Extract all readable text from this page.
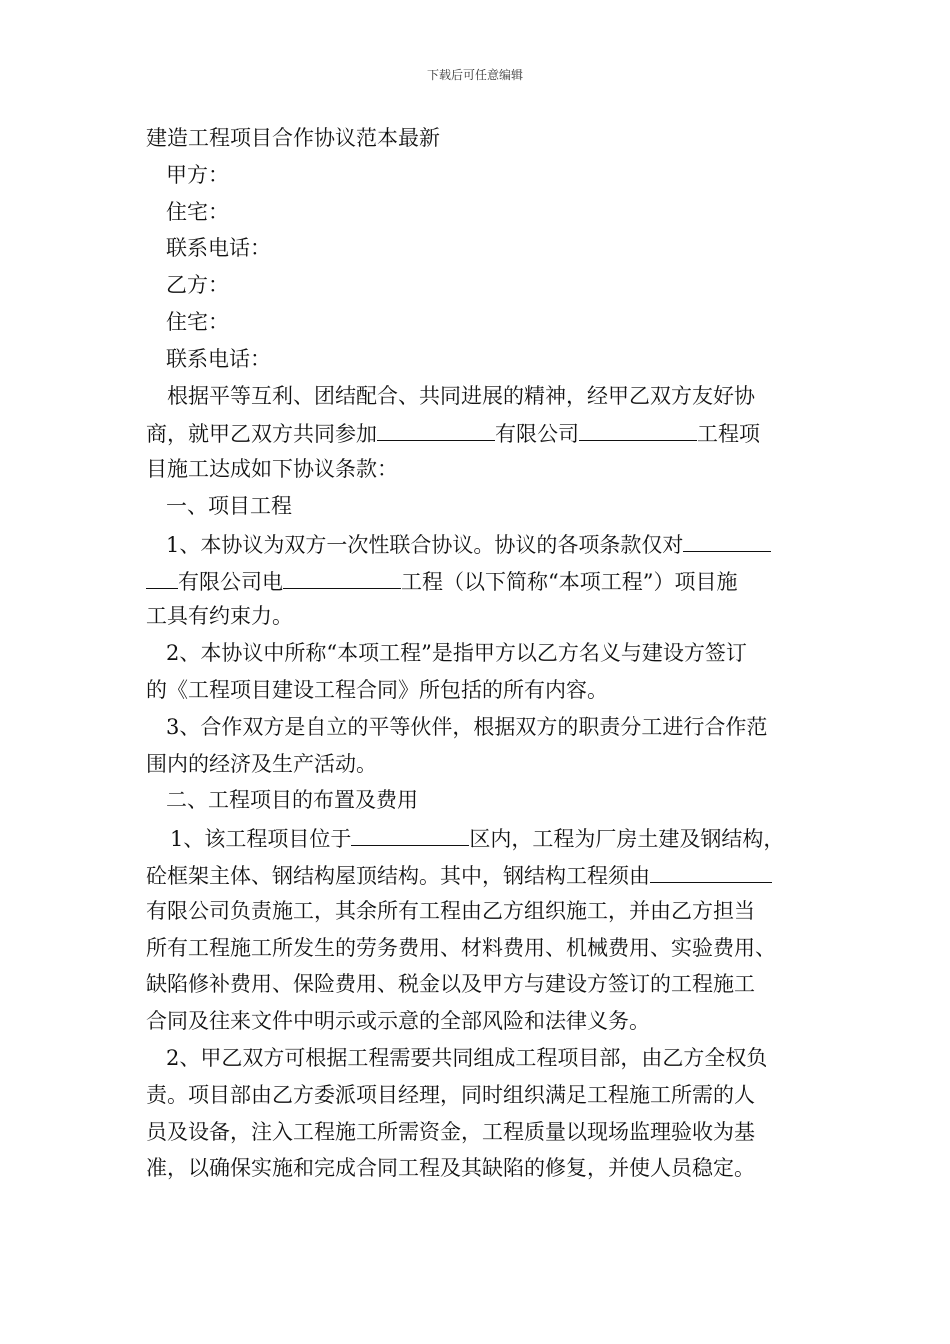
下载后可任意编辑
建造工程项目合作协议范本最新
甲方：
住宅：
联系电话：
乙方：
住宅：
联系电话：
根据平等互利、团结配合、共同进展的精神，经甲乙双方友好协
商，就甲乙双方共同参加	有限公司	工程项
目施工达成如下协议条款：
一、项目工程
1、本协议为双方一次性联合协议。协议的各项条款仅对
有限公司电	工程（以下简称“本项工程”）项目施
工具有约束力。
2、本协议中所称“本项工程”是指甲方以乙方名义与建设方签订
的《工程项目建设工程合同》所包括的所有内容。
3、合作双方是自立的平等伙伴，根据双方的职责分工进行合作范
围内的经济及生产活动。
二、工程项目的布置及费用
1、该工程项目位于	区内，工程为厂房土建及钢结构，
砼框架主体、钢结构屋顶结构。其中，钢结构工程须由
有限公司负责施工，其余所有工程由乙方组织施工，并由乙方担当
所有工程施工所发生的劳务费用、材料费用、机械费用、实验费用、
缺陷修补费用、保险费用、税金以及甲方与建设方签订的工程施工
合同及往来文件中明示或示意的全部风险和法律义务。
2、甲乙双方可根据工程需要共同组成工程项目部，由乙方全权负
责。项目部由乙方委派项目经理，同时组织满足工程施工所需的人
员及设备，注入工程施工所需资金，工程质量以现场监理验收为基
准，以确保实施和完成合同工程及其缺陷的修复，并使人员稳定。
